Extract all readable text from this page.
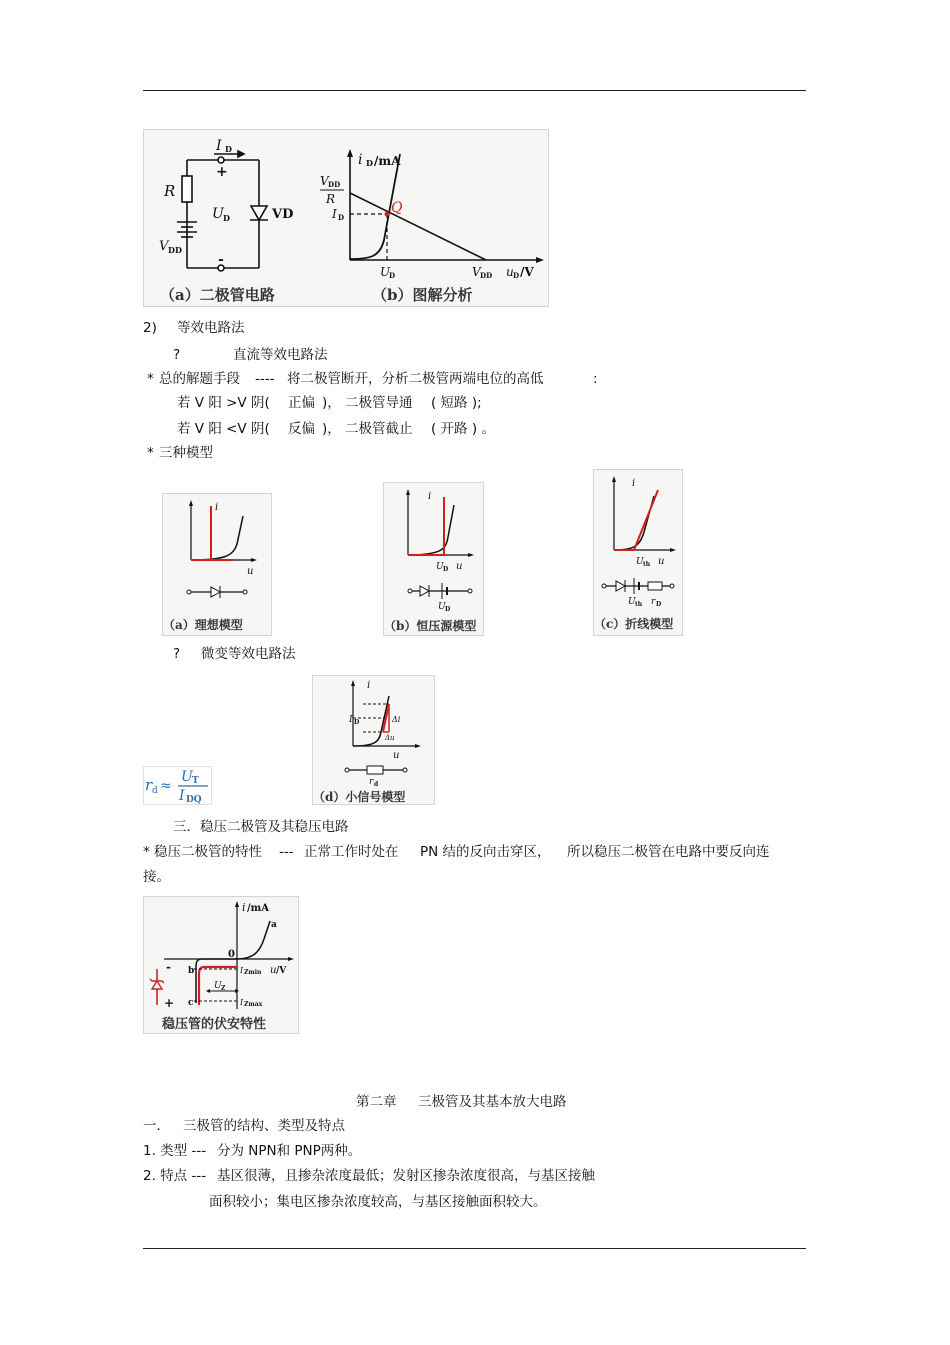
I D
+
-
R
U D	VD
V DD
i D /mA
V DD
R
I D
Q
U
D	V DD u D /V
（a）二极管电路	（b）图解分析
2) 等效电路法
?	直流等效电路法
* 总的解题手段 ---- 将二极管断开，分析二极管两端电位的高低	:
若 V 阳 >V 阴( 正偏 )， 二极管导通 ( 短路 );
若 V 阳 <V 阴( 反偏 )， 二极管截止 ( 开路 ) 。
* 三种模型
i
u
（a）理想模型
i
U D u
U D
（b）恒压源模型
i
U th u
U th r D
（c）折线模型
? 微变等效电路法
r d ≈
U T
I DQ
i
I D	Δi
Δu
u
r d
（d）小信号模型
三．稳压二极管及其稳压电路
* 稳压二极管的特性 --- 正常工作时处在 PN 结的反向击穿区， 所以稳压二极管在电路中要反向连
接。
i /mA
a
0
- b
c
+
I Zmin
I Zmax
u /V
U Z
稳压管的伏安特性
第二章 三极管及其基本放大电路
一． 三极管的结构、类型及特点
1. 类型 --- 分为 NPN和 PNP两种。
2. 特点 --- 基区很薄，且掺杂浓度最低；发射区掺杂浓度很高，与基区接触
面积较小；集电区掺杂浓度较高，与基区接触面积较大。
